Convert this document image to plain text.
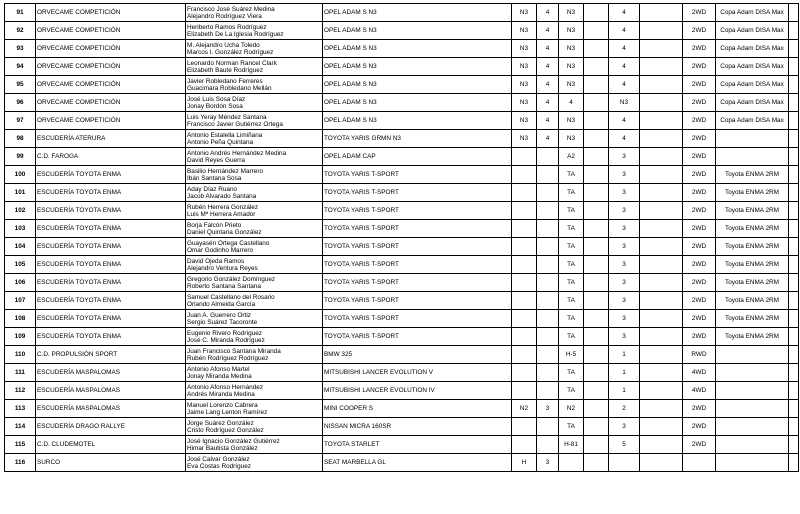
91	ORVECAME COMPETICIÓN	Francisco José Suárez Medina
Alejandro Rodríguez Viera	OPEL ADAM S N3	N3	4	N3		4		2WD	Copa Adam DISA Max	
92	ORVECAME COMPETICIÓN	Heriberto Ramos Rodríguez
Elizabeth De La Iglesia Rodríguez	OPEL ADAM S N3	N3	4	N3		4		2WD	Copa Adam DISA Max	
93	ORVECAME COMPETICIÓN	M. Alejandro Ucha Toledo
Marcos I. González Rodríguez	OPEL ADAM S N3	N3	4	N3		4		2WD	Copa Adam DISA Max	
94	ORVECAME COMPETICIÓN	Leonardo Norman Rancel Clark
Elizabeth Baute Rodríguez	OPEL ADAM S N3	N3	4	N3		4		2WD	Copa Adam DISA Max	
95	ORVECAME COMPETICIÓN	Javier Robledano Ferreres
Guacimara Robledano Mellán	OPEL ADAM S N3	N3	4	N3		4		2WD	Copa Adam DISA Max	
96	ORVECAME COMPETICIÓN	José Luis Sosa Díaz
Jonay Bordón Sosa	OPEL ADAM S N3	N3	4	4		N3		2WD	Copa Adam DISA Max	
97	ORVECAME COMPETICIÓN	Luis Yeray Méndez Santana
Francisco Javier Gutiérrez Ortega	OPEL ADAM S N3	N3	4	N3		4		2WD	Copa Adam DISA Max	
98	ESCUDERÍA ATERURA	Antonio Estalella Limiñana
Antonio Peña Quintana	TOYOTA YARIS GRMN N3	N3	4	N3		4		2WD		
99	C.D. FAROGA	Antonio Andrés Hernández Medina
David Reyes Guerra	OPEL ADAM CAP			A2		3		2WD		
100	ESCUDERÍA TOYOTA ENMA	Basilio Hernández Marrero
Ibán Santana Sosa	TOYOTA YARIS T-SPORT			TA		3		2WD	Toyota ENMA 2RM	
101	ESCUDERÍA TOYOTA ENMA	Aday Díaz Ruano
Jacob Alvarado Santana	TOYOTA YARIS T-SPORT			TA		3		2WD	Toyota ENMA 2RM	
102	ESCUDERÍA TOYOTA ENMA	Rubén Herrera González
Luis Mª Herrera Amador	TOYOTA YARIS T-SPORT			TA		3		2WD	Toyota ENMA 2RM	
103	ESCUDERÍA TOYOTA ENMA	Borja Falcón Prieto
Daniel Quintana González	TOYOTA YARIS T-SPORT			TA		3		2WD	Toyota ENMA 2RM	
104	ESCUDERÍA TOYOTA ENMA	Guayasén Ortega Castellano
Omar Godinho Marrero	TOYOTA YARIS T-SPORT			TA		3		2WD	Toyota ENMA 2RM	
105	ESCUDERÍA TOYOTA ENMA	David Ojeda Ramos
Alejandro Ventura Reyes	TOYOTA YARIS T-SPORT			TA		3		2WD	Toyota ENMA 2RM	
106	ESCUDERÍA TOYOTA ENMA	Gregorio González Domínguez
Roberto Santana Santana	TOYOTA YARIS T-SPORT			TA		3		2WD	Toyota ENMA 2RM	
107	ESCUDERÍA TOYOTA ENMA	Samuel Castellano del Rosario
Orlando Almeida García	TOYOTA YARIS T-SPORT			TA		3		2WD	Toyota ENMA 2RM	
108	ESCUDERÍA TOYOTA ENMA	Juan A. Guerrero Ortiz
Sergio Suárez Tacoronte	TOYOTA YARIS T-SPORT			TA		3		2WD	Toyota ENMA 2RM	
109	ESCUDERÍA TOYOTA ENMA	Eugenio Rivero Rodríguez
José C. Miranda Rodríguez	TOYOTA YARIS T-SPORT			TA		3		2WD	Toyota ENMA 2RM	
110	C.D. PROPULSIÓN SPORT	Juan Francisco Santana Miranda
Rubén Rodríguez Rodríguez	BMW 325			H-5		1		RWD		
111	ESCUDERÍA MASPALOMAS	Antonio Afonso Martel
Jonay Miranda Medina	MITSUBISHI LANCER EVOLUTION V			TA		1		4WD		
112	ESCUDERÍA MASPALOMAS	Antonio Afonso Hernández
Andrés Miranda Medina	MITSUBISHI LANCER EVOLUTION IV			TA		1		4WD		
113	ESCUDERÍA MASPALOMAS	Manuel Lorenzo Cabrera
Jaime Lang Lenton Ramírez	MINI COOPER S	N2	3	N2		2		2WD		
114	ESCUDERÍA DRAGO RALLYE	Jorge Suárez González
Cristo Rodríguez González	NISSAN MICRA 160SR			TA		3		2WD		
115	C.D. CLUDEMOTEL	José Ignacio González Gutiérrez
Himar Bautista González	TOYOTA STARLET			H-81		5		2WD		
116	SURCO	José Calvar González
Eva Costas Rodríguez	SEAT MARBELLA GL	H	3							
